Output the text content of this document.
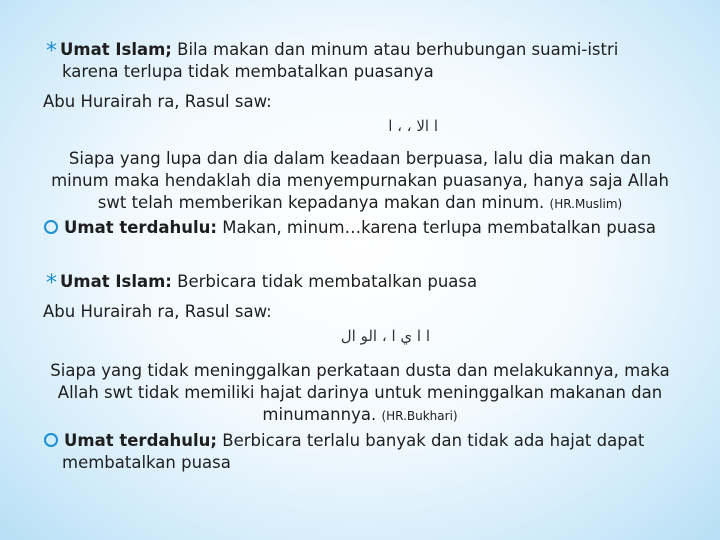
* Umat Islam; Bila makan dan minum atau berhubungan suami-istri
karena terlupa tidak membatalkan puasanya
Abu Hurairah ra, Rasul saw:
ا الا ، ، ا
Siapa yang lupa dan dia dalam keadaan berpuasa, lalu dia makan dan
minum maka hendaklah dia menyempurnakan puasanya, hanya saja Allah
swt telah memberikan kepadanya makan dan minum. (HR.Muslim)
Umat terdahulu: Makan, minum…karena terlupa membatalkan puasa
* Umat Islam: Berbicara tidak membatalkan puasa
Abu Hurairah ra, Rasul saw:
ا ا ي ا ، الو ال
Siapa yang tidak meninggalkan perkataan dusta dan melakukannya, maka
Allah swt tidak memiliki hajat darinya untuk meninggalkan makanan dan
minumannya. (HR.Bukhari)
Umat terdahulu; Berbicara terlalu banyak dan tidak ada hajat dapat
membatalkan puasa
